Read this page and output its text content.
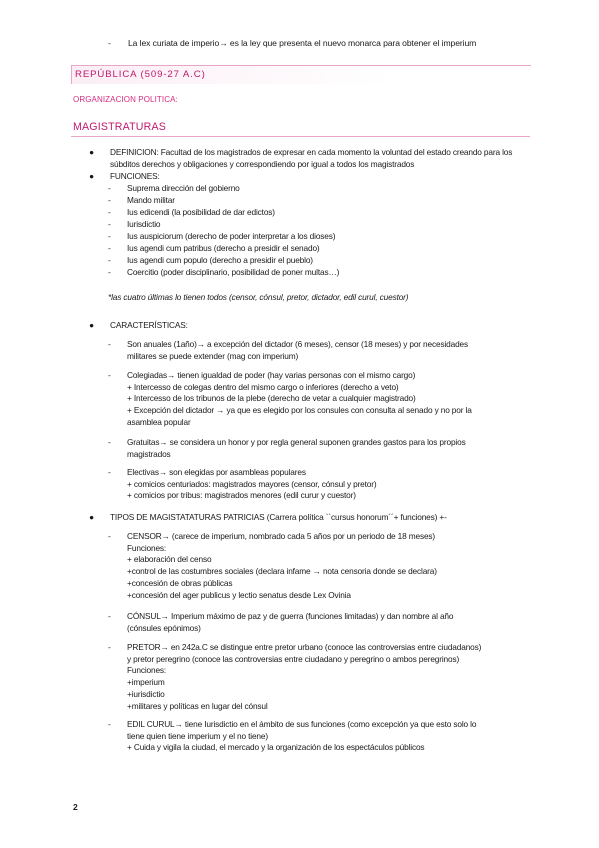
- La lex curiata de imperio→ es la ley que presenta el nuevo monarca para obtener el imperium
REPÚBLICA (509-27 A.C)
ORGANIZACION POLITICA:
MAGISTRATURAS
● DEFINICION: Facultad de los magistrados de expresar en cada momento la voluntad del estado creando para los súbditos derechos y obligaciones y correspondiendo por igual a todos los magistrados
● FUNCIONES:
- Suprema dirección del gobierno
- Mando militar
- Ius edicendi (la posibilidad de dar edictos)
- Iurisdictio
- Ius auspiciorum (derecho de poder interpretar a los dioses)
- Ius agendi cum patribus (derecho a presidir el senado)
- Ius agendi cum populo (derecho a presidir el pueblo)
- Coercitio (poder disciplinario, posibilidad de poner multas…)
*las cuatro últimas lo tienen todos (censor, cónsul, pretor, dictador, edil curul, cuestor)
● CARACTERÍSTICAS:
- Son anuales (1año)→ a excepción del dictador (6 meses), censor (18 meses) y por necesidades
militares se puede extender (mag con imperium)
- Colegiadas→ tienen igualdad de poder (hay varias personas con el mismo cargo)
+ Intercesso de colegas dentro del mismo cargo o inferiores (derecho a veto)
+ Intercesso de los tribunos de la plebe (derecho de vetar a cualquier magistrado)
+ Excepción del dictador → ya que es elegido por los consules con consulta al senado y no por la
asamblea popular
- Gratuitas→ se considera un honor y por regla general suponen grandes gastos para los propios
magistrados
- Electivas→ son elegidas por asambleas populares
+ comicios centuriados: magistrados mayores (censor, cónsul y pretor)
+ comicios por tribus: magistrados menores (edil curur y cuestor)
● TIPOS DE MAGISTATATURAS PATRICIAS (Carrera política ``cursus honorum´´+ funciones) +-
- CENSOR→ (carece de imperium, nombrado cada 5 años por un periodo de 18 meses)
Funciones:
+ elaboración del censo
+control de las costumbres sociales (declara infame → nota censoria donde se declara)
+concesión de obras públicas
+concesión del ager publicus y lectio senatus desde Lex Ovinia
- CÓNSUL→ Imperium máximo de paz y de guerra (funciones limitadas) y dan nombre al año
(cónsules epónimos)
- PRETOR→ en 242a.C se distingue entre pretor urbano (conoce las controversias entre ciudadanos)
y pretor peregrino (conoce las controversias entre ciudadano y peregrino o ambos peregrinos)
Funciones:
+imperium
+iurisdictio
+militares y políticas en lugar del cónsul
- EDIL CURUL→ tiene Iurisdictio en el ámbito de sus funciones (como excepción ya que esto solo lo
tiene quien tiene imperium y el no tiene)
+ Cuida y vigila la ciudad, el mercado y la organización de los espectáculos públicos
2
